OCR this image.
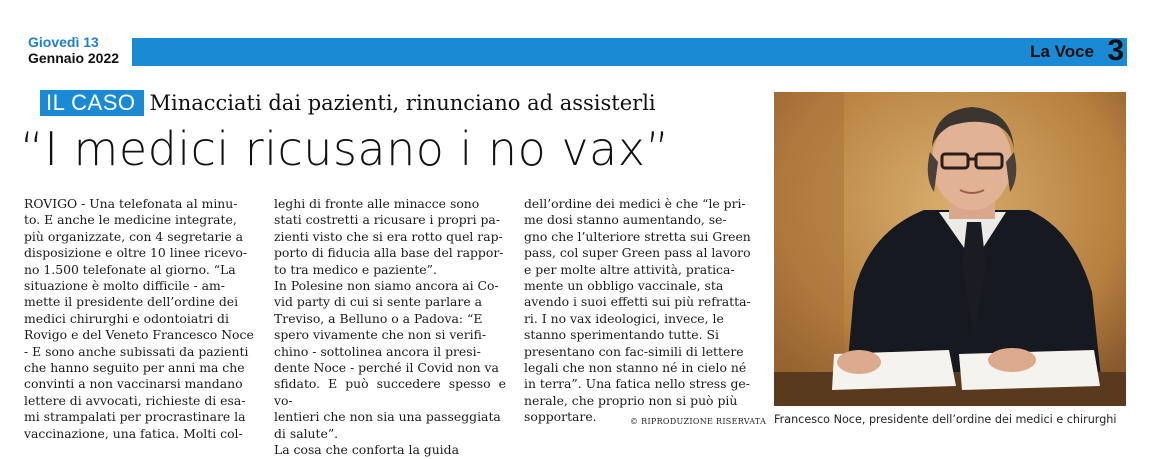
Giovedì 13
Gennaio 2022	La Voce 3
IL CASO Minacciati dai pazienti, rinunciano ad assisterli
“I medici ricusano i no vax”

ROVIGO - Una telefonata al minu-

to. E anche le medicine integrate,

più organizzate, con 4 segretarie a

disposizione e oltre 10 linee ricevo-

no 1.500 telefonate al giorno. “La

situazione è molto difficile - am-

mette il presidente dell’ordine dei

medici chirurghi e odontoiatri di

Rovigo e del Veneto Francesco Noce

- E sono anche subissati da pazienti

che hanno seguito per anni ma che

convinti a non vaccinarsi mandano

lettere di avvocati, richieste di esa-

mi strampalati per procrastinare la

vaccinazione, una fatica. Molti col-

leghi di fronte alle minacce sono

stati costretti a ricusare i propri pa-

zienti visto che si era rotto quel rap-

porto di fiducia alla base del rappor-

to tra medico e paziente”.

In Polesine non siamo ancora ai Co-

vid party di cui si sente parlare a

Treviso, a Belluno o a Padova: “E

spero vivamente che non si verifi-

chino - sottolinea ancora il presi-

dente Noce - perché il Covid non va

sfidato. E può succedere spesso e vo-

lentieri che non sia una passeggiata

di salute”.

La cosa che conforta la guida

dell’ordine dei medici è che “le pri-

me dosi stanno aumentando, se-

gno che l’ulteriore stretta sui Green

pass, col super Green pass al lavoro

e per molte altre attività, pratica-

mente un obbligo vaccinale, sta

avendo i suoi effetti sui più refratta-

ri. I no vax ideologici, invece, le

stanno sperimentando tutte. Si

presentano con fac-simili di lettere

legali che non stanno né in cielo né

in terra”. Una fatica nello stress ge-

nerale, che proprio non si può più

sopportare.	© RIPRODUZIONE RISERVATA Francesco Noce, presidente dell’ordine dei medici e chirurghi
